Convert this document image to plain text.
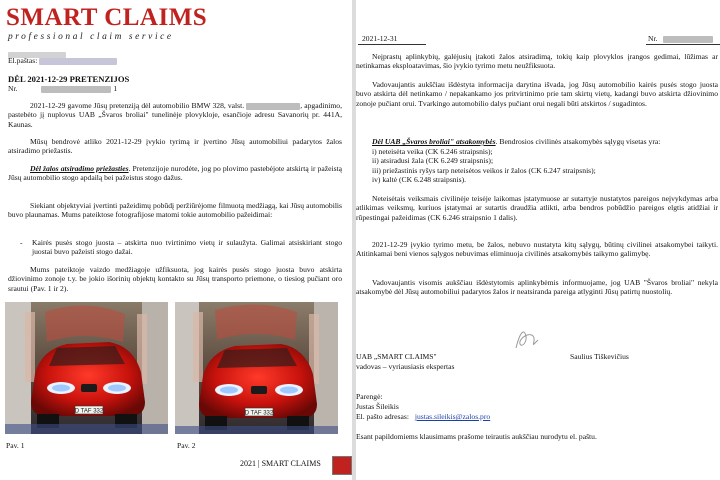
SMART CLAIMS
professional claim service
El.paštas:
DĖL 2021-12-29 PRETENZIJOS
Nr.	1

2021-12-29 gavome Jūsų pretenziją dėl automobilio BMW 328, valst.	, apgadinimo, pastebėto jį nuplovus UAB „Švaros broliai" tunelinėje plovykloje, esančioje adresu Savanorių pr. 441A, Kaunas.

Mūsų bendrovė atliko 2021-12-29 įvykio tyrimą ir įvertino Jūsų automobiliui padarytos žalos atsiradimo priežastis.

Dėl žalos atsiradimo priežasties. Pretenzijoje nurodėte, jog po plovimo pastebėjote atskirtą ir pažeistą Jūsų automobilio stogo apdailą bei pažeistus stogo dažus.

Siekiant objektyviai įvertinti pažeidimų pobūdį peržiūrėjome filmuotą medžiagą, kai Jūsų automobilis buvo plaunamas. Mums pateiktose fotografijose matomi tokie automobilio pažeidimai:

- Kairės pusės stogo juosta – atskirta nuo tvirtinimo vietų ir sulaužyta. Galimai atsiskiriant stogo juostai buvo pažeisti stogo dažai.

Mums pateiktoje vaizdo medžiagoje užfiksuota, jog kairės pusės stogo juosta buvo atskirta džiovinimo zonoje t.y. be jokio išorinių objektų kontakto su Jūsų transporto priemone, o tiesiog pučiant oro srautui (Pav. 1 ir 2).

D TAF 332	D TAF 332
Pav. 1	Pav. 2
2021 | SMART CLAIMS
2021-12-31	Nr.

Neįprastų aplinkybių, galėjusių įtakoti žalos atsiradimą, tokių kaip plovyklos įrangos gedimai, lūžimas ar netinkamas eksploatavimas, šio įvykio tyrimo metu neužfiksuota.

Vadovaujantis aukščiau išdėstyta informacija darytina išvada, jog Jūsų automobilio kairės pusės stogo juosta buvo atskirta dėl netinkamo / nepakankamo jos pritvirtinimo prie tam skirtų vietų, kadangi buvo atskirta džiovinimo zonoje pučiant orui. Tvarkingo automobilio dalys pučiant orui negali būti atskirtos / sugadintos.

Dėl UAB „Švaros broliai" atsakomybės. Bendrosios civilinės atsakomybės sąlygų visetas yra:

i) neteisėta veika (CK 6.246 straipsnis);
ii) atsiradusi žala (CK 6.249 straipsnis);
iii) priežastinis ryšys tarp neteisėtos veikos ir žalos (CK 6.247 straipsnis);
iv) kaltė (CK 6.248 straipsnis).

Neteisėtais veiksmais civilinėje teisėje laikomas įstatymuose ar sutartyje nustatytos pareigos neįvykdymas arba atlikimas veiksmų, kuriuos įstatymai ar sutartis draudžia atlikti, arba bendros pobūdžio pareigos elgtis atidžiai ir rūpestingai pažeidimas (CK 6.246 straipsnio 1 dalis).

2021-12-29 įvykio tyrimo metu, be žalos, nebuvo nustatyta kitų sąlygų, būtinų civilinei atsakomybei taikyti. Atitinkamai beni vienos sąlygos nebuvimas eliminuoja civilinės atsakomybės taikymo galimybę.

Vadovaujantis visomis aukščiau išdėstytomis aplinkybėmis informuojame, jog UAB "Švaros broliai" nekyla atsakomybė dėl Jūsų automobiliui padarytos žalos ir neatsiranda pareiga atlyginti Jūsų patirtų nuostolių.

UAB „SMART CLAIMS"
vadovas – vyriausiasis ekspertas
Saulius Tiškevičius
Parengė:
Justas Šileikis
El. pašto adresas: justas.sileikis@zalos.pro
Esant papildomiems klausimams prašome teirautis aukščiau nurodytu el. paštu.
